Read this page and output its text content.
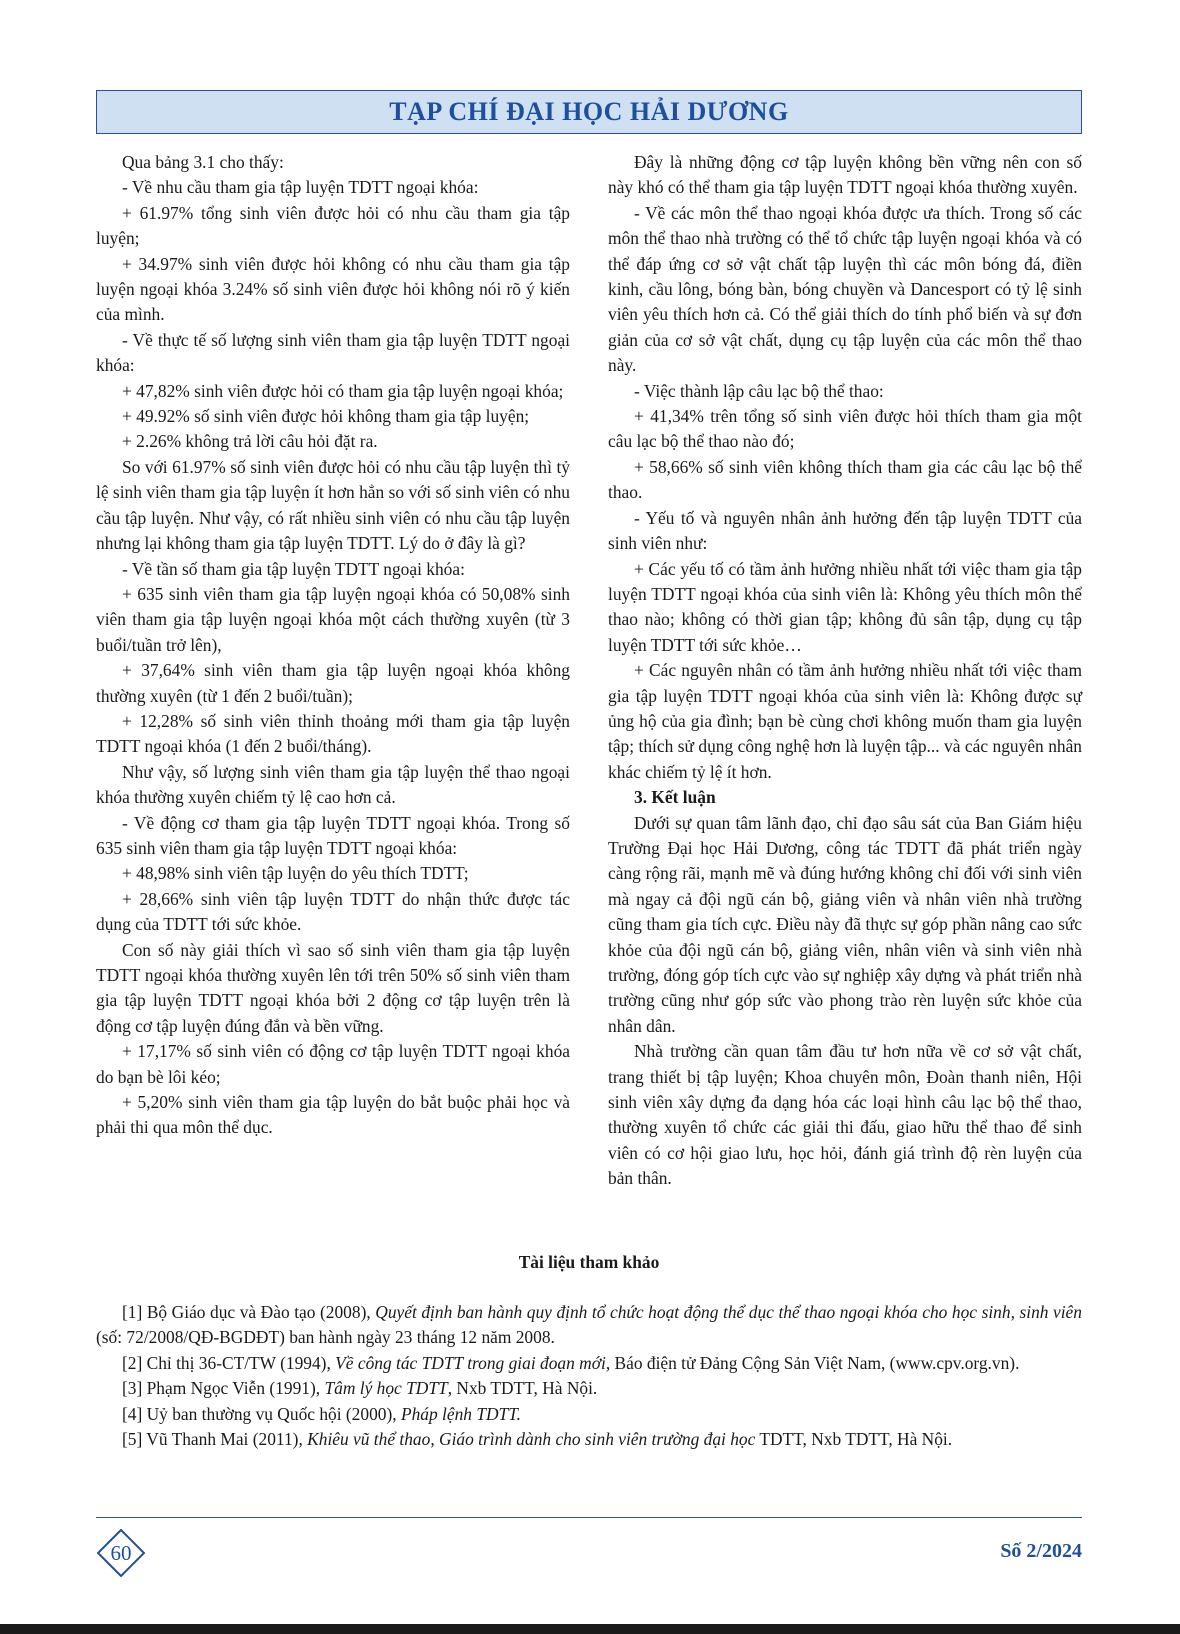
TẠP CHÍ ĐẠI HỌC HẢI DƯƠNG

Qua bảng 3.1 cho thấy:

- Về nhu cầu tham gia tập luyện TDTT ngoại khóa:

+ 61.97% tổng sinh viên được hỏi có nhu cầu tham gia tập luyện;

+ 34.97% sinh viên được hỏi không có nhu cầu tham gia tập luyện ngoại khóa 3.24% số sinh viên được hỏi không nói rõ ý kiến của mình.

- Về thực tế số lượng sinh viên tham gia tập luyện TDTT ngoại khóa:

+ 47,82% sinh viên được hỏi có tham gia tập luyện ngoại khóa;

+ 49.92% số sinh viên được hỏi không tham gia tập luyện;

+ 2.26% không trả lời câu hỏi đặt ra.

So với 61.97% số sinh viên được hỏi có nhu cầu tập luyện thì tỷ lệ sinh viên tham gia tập luyện ít hơn hẳn so với số sinh viên có nhu cầu tập luyện. Như vậy, có rất nhiều sinh viên có nhu cầu tập luyện nhưng lại không tham gia tập luyện TDTT. Lý do ở đây là gì?

- Về tần số tham gia tập luyện TDTT ngoại khóa:

+ 635 sinh viên tham gia tập luyện ngoại khóa có 50,08% sinh viên tham gia tập luyện ngoại khóa một cách thường xuyên (từ 3 buổi/tuần trở lên),

+ 37,64% sinh viên tham gia tập luyện ngoại khóa không thường xuyên (từ 1 đến 2 buổi/tuần);

+ 12,28% số sinh viên thỉnh thoảng mới tham gia tập luyện TDTT ngoại khóa (1 đến 2 buổi/tháng).

Như vậy, số lượng sinh viên tham gia tập luyện thể thao ngoại khóa thường xuyên chiếm tỷ lệ cao hơn cả.

- Về động cơ tham gia tập luyện TDTT ngoại khóa. Trong số 635 sinh viên tham gia tập luyện TDTT ngoại khóa:

+ 48,98% sinh viên tập luyện do yêu thích TDTT;

+ 28,66% sinh viên tập luyện TDTT do nhận thức được tác dụng của TDTT tới sức khỏe.

Con số này giải thích vì sao số sinh viên tham gia tập luyện TDTT ngoại khóa thường xuyên lên tới trên 50% số sinh viên tham gia tập luyện TDTT ngoại khóa bởi 2 động cơ tập luyện trên là động cơ tập luyện đúng đắn và bền vững.

+ 17,17% số sinh viên có động cơ tập luyện TDTT ngoại khóa do bạn bè lôi kéo;

+ 5,20% sinh viên tham gia tập luyện do bắt buộc phải học và phải thi qua môn thể dục.

Đây là những động cơ tập luyện không bền vững nên con số này khó có thể tham gia tập luyện TDTT ngoại khóa thường xuyên.

- Về các môn thể thao ngoại khóa được ưa thích. Trong số các môn thể thao nhà trường có thể tổ chức tập luyện ngoại khóa và có thể đáp ứng cơ sở vật chất tập luyện thì các môn bóng đá, điền kinh, cầu lông, bóng bàn, bóng chuyền và Dancesport có tỷ lệ sinh viên yêu thích hơn cả. Có thể giải thích do tính phổ biến và sự đơn giản của cơ sở vật chất, dụng cụ tập luyện của các môn thể thao này.

- Việc thành lập câu lạc bộ thể thao:

+ 41,34% trên tổng số sinh viên được hỏi thích tham gia một câu lạc bộ thể thao nào đó;

+ 58,66% số sinh viên không thích tham gia các câu lạc bộ thể thao.

- Yếu tố và nguyên nhân ảnh hưởng đến tập luyện TDTT của sinh viên như:

+ Các yếu tố có tầm ảnh hưởng nhiều nhất tới việc tham gia tập luyện TDTT ngoại khóa của sinh viên là: Không yêu thích môn thể thao nào; không có thời gian tập; không đủ sân tập, dụng cụ tập luyện TDTT tới sức khỏe…

+ Các nguyên nhân có tầm ảnh hưởng nhiều nhất tới việc tham gia tập luyện TDTT ngoại khóa của sinh viên là: Không được sự ủng hộ của gia đình; bạn bè cùng chơi không muốn tham gia luyện tập; thích sử dụng công nghệ hơn là luyện tập... và các nguyên nhân khác chiếm tỷ lệ ít hơn.

3. Kết luận

Dưới sự quan tâm lãnh đạo, chỉ đạo sâu sát của Ban Giám hiệu Trường Đại học Hải Dương, công tác TDTT đã phát triển ngày càng rộng rãi, mạnh mẽ và đúng hướng không chỉ đối với sinh viên mà ngay cả đội ngũ cán bộ, giảng viên và nhân viên nhà trường cũng tham gia tích cực. Điều này đã thực sự góp phần nâng cao sức khỏe của đội ngũ cán bộ, giảng viên, nhân viên và sinh viên nhà trường, đóng góp tích cực vào sự nghiệp xây dựng và phát triển nhà trường cũng như góp sức vào phong trào rèn luyện sức khỏe của nhân dân.

Nhà trường cần quan tâm đầu tư hơn nữa về cơ sở vật chất, trang thiết bị tập luyện; Khoa chuyên môn, Đoàn thanh niên, Hội sinh viên xây dựng đa dạng hóa các loại hình câu lạc bộ thể thao, thường xuyên tổ chức các giải thi đấu, giao hữu thể thao để sinh viên có cơ hội giao lưu, học hỏi, đánh giá trình độ rèn luyện của bản thân.

Tài liệu tham khảo

[1] Bộ Giáo dục và Đào tạo (2008), Quyết định ban hành quy định tổ chức hoạt động thể dục thể thao ngoại khóa cho học sinh, sinh viên (số: 72/2008/QĐ-BGDĐT) ban hành ngày 23 tháng 12 năm 2008.

[2] Chỉ thị 36-CT/TW (1994), Về công tác TDTT trong giai đoạn mới, Báo điện tử Đảng Cộng Sản Việt Nam, (www.cpv.org.vn).

[3] Phạm Ngọc Viễn (1991), Tâm lý học TDTT, Nxb TDTT, Hà Nội.

[4] Uỷ ban thường vụ Quốc hội (2000), Pháp lệnh TDTT.

[5] Vũ Thanh Mai (2011), Khiêu vũ thể thao, Giáo trình dành cho sinh viên trường đại học TDTT, Nxb TDTT, Hà Nội.

60	Số 2/2024
